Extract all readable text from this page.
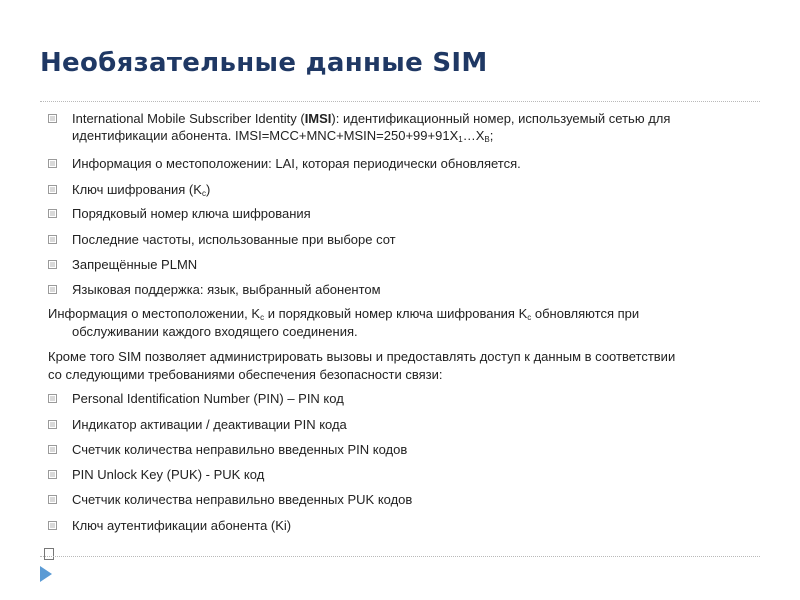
Необязательные данные SIM
International Mobile Subscriber Identity (IMSI): идентификационный номер, используемый сетью для
идентификации абонента. $IMSI=MCC+MNC+MSIN=250+99+91X_1\dots X_B$;
Информация о местоположении: LAI, которая периодически обновляется.
Ключ шифрования $(K_c)$
Порядковый номер ключа шифрования
Последние частоты, использованные при выборе сот
Запрещённые PLMN
Языковая поддержка: язык, выбранный абонентом
Информация о местоположении, $K_c$ и порядковый номер ключа шифрования $K_c$ обновляются при
обслуживании каждого входящего соединения.
Кроме того SIM позволяет администрировать вызовы и предоставлять доступ к данным в соответствии
со следующими требованиями обеспечения безопасности связи:
Personal Identification Number (PIN) – PIN код
Индикатор активации / деактивации PIN кода
Счетчик количества неправильно введенных PIN кодов
PIN Unlock Key (PUK) - PUK код
Счетчик количества неправильно введенных PUK кодов
Ключ аутентификации абонента (Ki)
